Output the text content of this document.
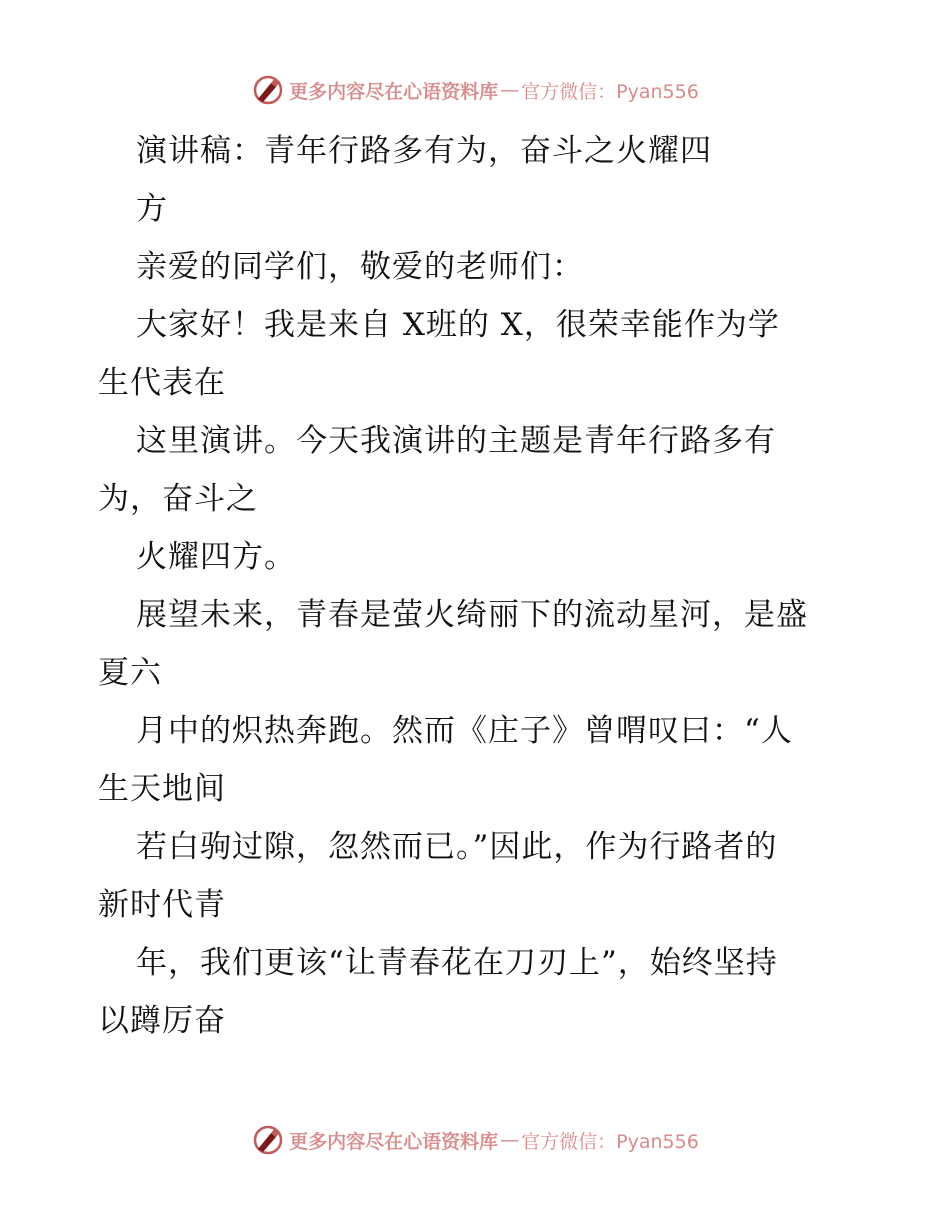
更多内容尽在心语资料库 — 官方微信：Pyan556
演讲稿：青年行路多有为，奋斗之火耀四
方
亲爱的同学们，敬爱的老师们：
大家好！我是来自 X班的 X，很荣幸能作为学
生代表在
这里演讲。今天我演讲的主题是青年行路多有
为，奋斗之
火耀四方。
展望未来，青春是萤火绮丽下的流动星河，是盛
夏六
月中的炽热奔跑。然而《庄子》曾喟叹曰：“人
生天地间
若白驹过隙，忽然而已。”因此，作为行路者的
新时代青
年，我们更该“让青春花在刀刃上”，始终坚持
以蹲厉奋
更多内容尽在心语资料库 — 官方微信：Pyan556
